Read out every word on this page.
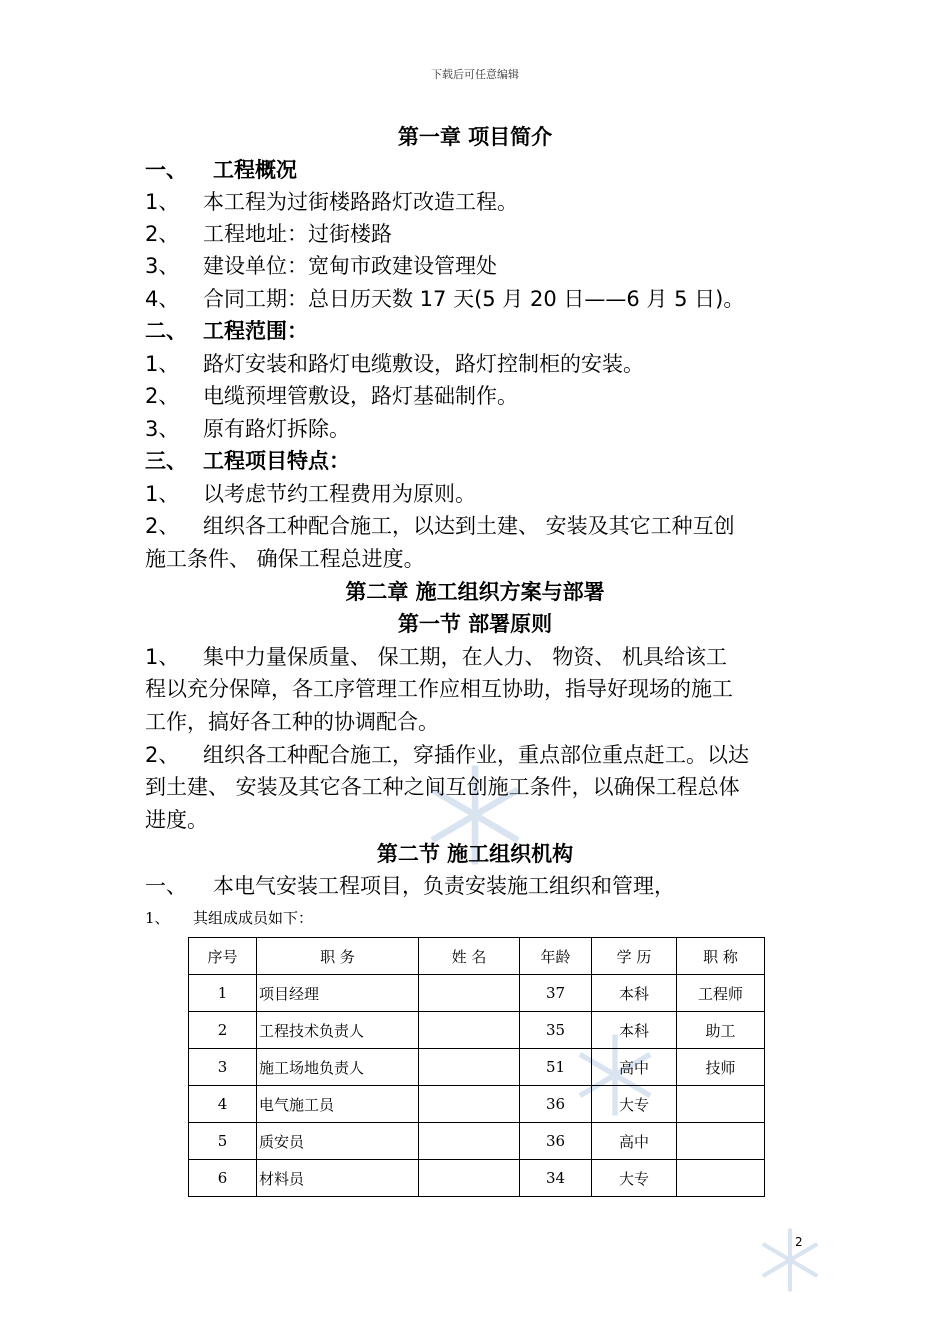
下载后可任意编辑
第一章 项目简介
一、 工程概况
1、 本工程为过街楼路路灯改造工程。
2、 工程地址：过街楼路
3、 建设单位：宽甸市政建设管理处
4、 合同工期：总日历天数 17 天(5 月 20 日——6 月 5 日)。
二、 工程范围：
1、 路灯安装和路灯电缆敷设，路灯控制柜的安装。
2、 电缆预埋管敷设，路灯基础制作。
3、 原有路灯拆除。
三、 工程项目特点：
1、 以考虑节约工程费用为原则。
2、 组织各工种配合施工，以达到土建、 安装及其它工种互创
施工条件、 确保工程总进度。
第二章 施工组织方案与部署
第一节 部署原则
1、 集中力量保质量、 保工期，在人力、 物资、 机具给该工
程以充分保障，各工序管理工作应相互协助，指导好现场的施工
工作，搞好各工种的协调配合。
2、 组织各工种配合施工，穿插作业，重点部位重点赶工。以达
到土建、 安装及其它各工种之间互创施工条件，以确保工程总体
进度。
第二节 施工组织机构
一、 本电气安装工程项目，负责安装施工组织和管理，
1、 其组成成员如下：
序号	职 务	姓 名	年龄	学 历	职 称
1	项目经理		37	本科	工程师
2	工程技术负责人		35	本科	助工
3	施工场地负责人		51	高中	技师
4	电气施工员		36	大专	
5	质安员		36	高中	
6	材料员		34	大专	
2
